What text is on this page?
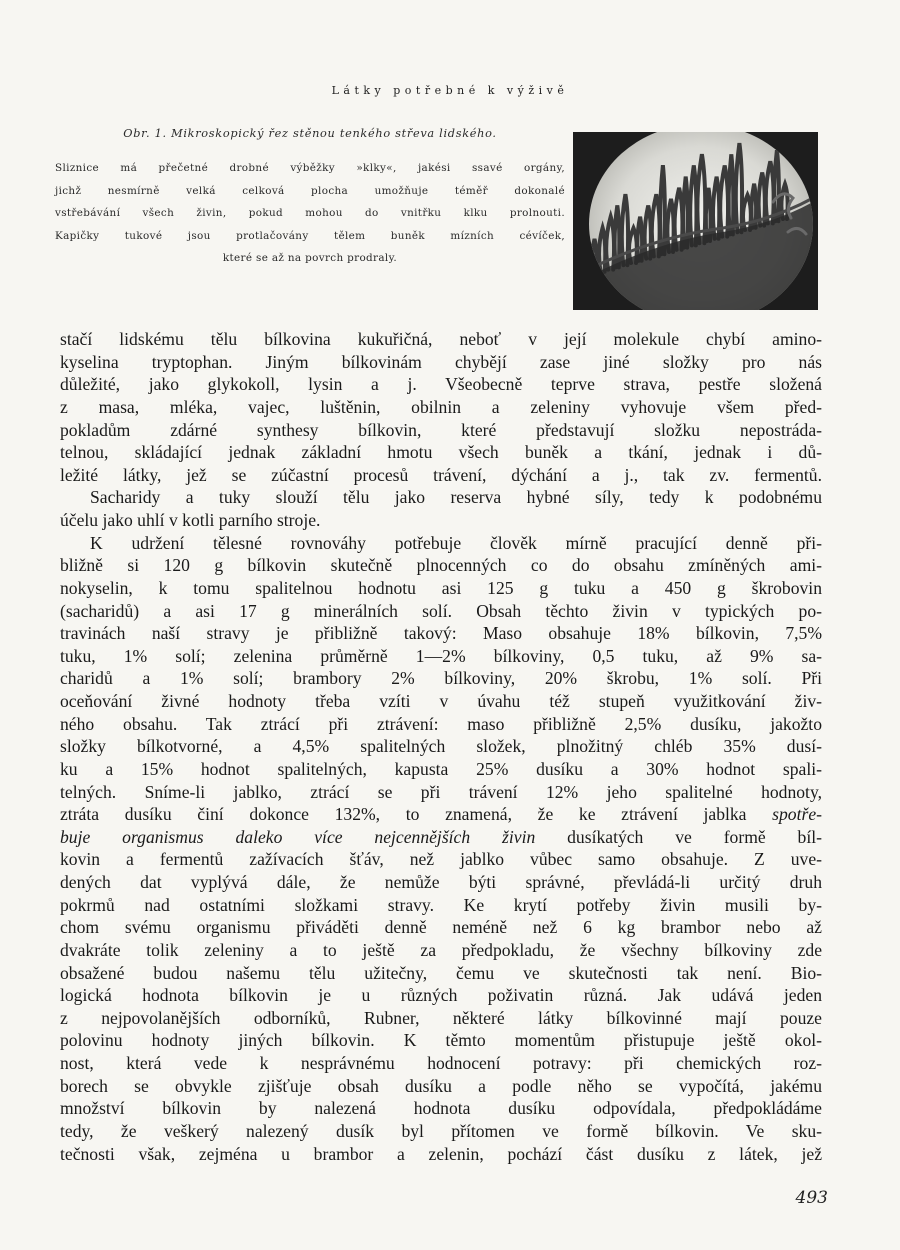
Látky potřebné k výživě
Obr. 1. Mikroskopický řez stěnou tenkého střeva lidského.
Sliznice má přečetné drobné výběžky »klky«, jakési ssavé orgány,
jichž nesmírně velká celková plocha umožňuje téměř dokonalé
vstřebávání všech živin, pokud mohou do vnitřku klku prolnouti.
Kapičky tukové jsou protlačovány tělem buněk mízních cévíček,
které se až na povrch prodraly.
stačí lidskému tělu bílkovina kukuřičná, neboť v její molekule chybí amino-
kyselina tryptophan. Jiným bílkovinám chybějí zase jiné složky pro nás
důležité, jako glykokoll, lysin a j. Všeobecně teprve strava, pestře složená
z masa, mléka, vajec, luštěnin, obilnin a zeleniny vyhovuje všem před-
pokladům zdárné synthesy bílkovin, které představují složku nepostráda-
telnou, skládající jednak základní hmotu všech buněk a tkání, jednak i dů-
ležité látky, jež se zúčastní procesů trávení, dýchání a j., tak zv. fermentů.
Sacharidy a tuky slouží tělu jako reserva hybné síly, tedy k podobnému
účelu jako uhlí v kotli parního stroje.
K udržení tělesné rovnováhy potřebuje člověk mírně pracující denně při-
bližně si 120 g bílkovin skutečně plnocenných co do obsahu zmíněných ami-
nokyselin, k tomu spalitelnou hodnotu asi 125 g tuku a 450 g škrobovin
(sacharidů) a asi 17 g minerálních solí. Obsah těchto živin v typických po-
travinách naší stravy je přibližně takový: Maso obsahuje 18% bílkovin, 7,5%
tuku, 1% solí; zelenina průměrně 1—2% bílkoviny, 0,5 tuku, až 9% sa-
charidů a 1% solí; brambory 2% bílkoviny, 20% škrobu, 1% solí. Při
oceňování živné hodnoty třeba vzíti v úvahu též stupeň využitkování živ-
ného obsahu. Tak ztrácí při ztrávení: maso přibližně 2,5% dusíku, jakožto
složky bílkotvorné, a 4,5% spalitelných složek, plnožitný chléb 35% dusí-
ku a 15% hodnot spalitelných, kapusta 25% dusíku a 30% hodnot spali-
telných. Sníme-li jablko, ztrácí se při trávení 12% jeho spalitelné hodnoty,
ztráta dusíku činí dokonce 132%, to znamená, že ke ztrávení jablka spotře-
buje organismus daleko více nejcennějších živin dusíkatých ve formě bíl-
kovin a fermentů zažívacích šťáv, než jablko vůbec samo obsahuje. Z uve-
dených dat vyplývá dále, že nemůže býti správné, převládá-li určitý druh
pokrmů nad ostatními složkami stravy. Ke krytí potřeby živin musili by-
chom svému organismu přiváděti denně neméně než 6 kg brambor nebo až
dvakráte tolik zeleniny a to ještě za předpokladu, že všechny bílkoviny zde
obsažené budou našemu tělu užitečny, čemu ve skutečnosti tak není. Bio-
logická hodnota bílkovin je u různých poživatin různá. Jak udává jeden
z nejpovolanějších odborníků, Rubner, některé látky bílkovinné mají pouze
polovinu hodnoty jiných bílkovin. K těmto momentům přistupuje ještě okol-
nost, která vede k nesprávnému hodnocení potravy: při chemických roz-
borech se obvykle zjišťuje obsah dusíku a podle něho se vypočítá, jakému
množství bílkovin by nalezená hodnota dusíku odpovídala, předpokládáme
tedy, že veškerý nalezený dusík byl přítomen ve formě bílkovin. Ve sku-
tečnosti však, zejména u brambor a zelenin, pochází část dusíku z látek, jež
493
